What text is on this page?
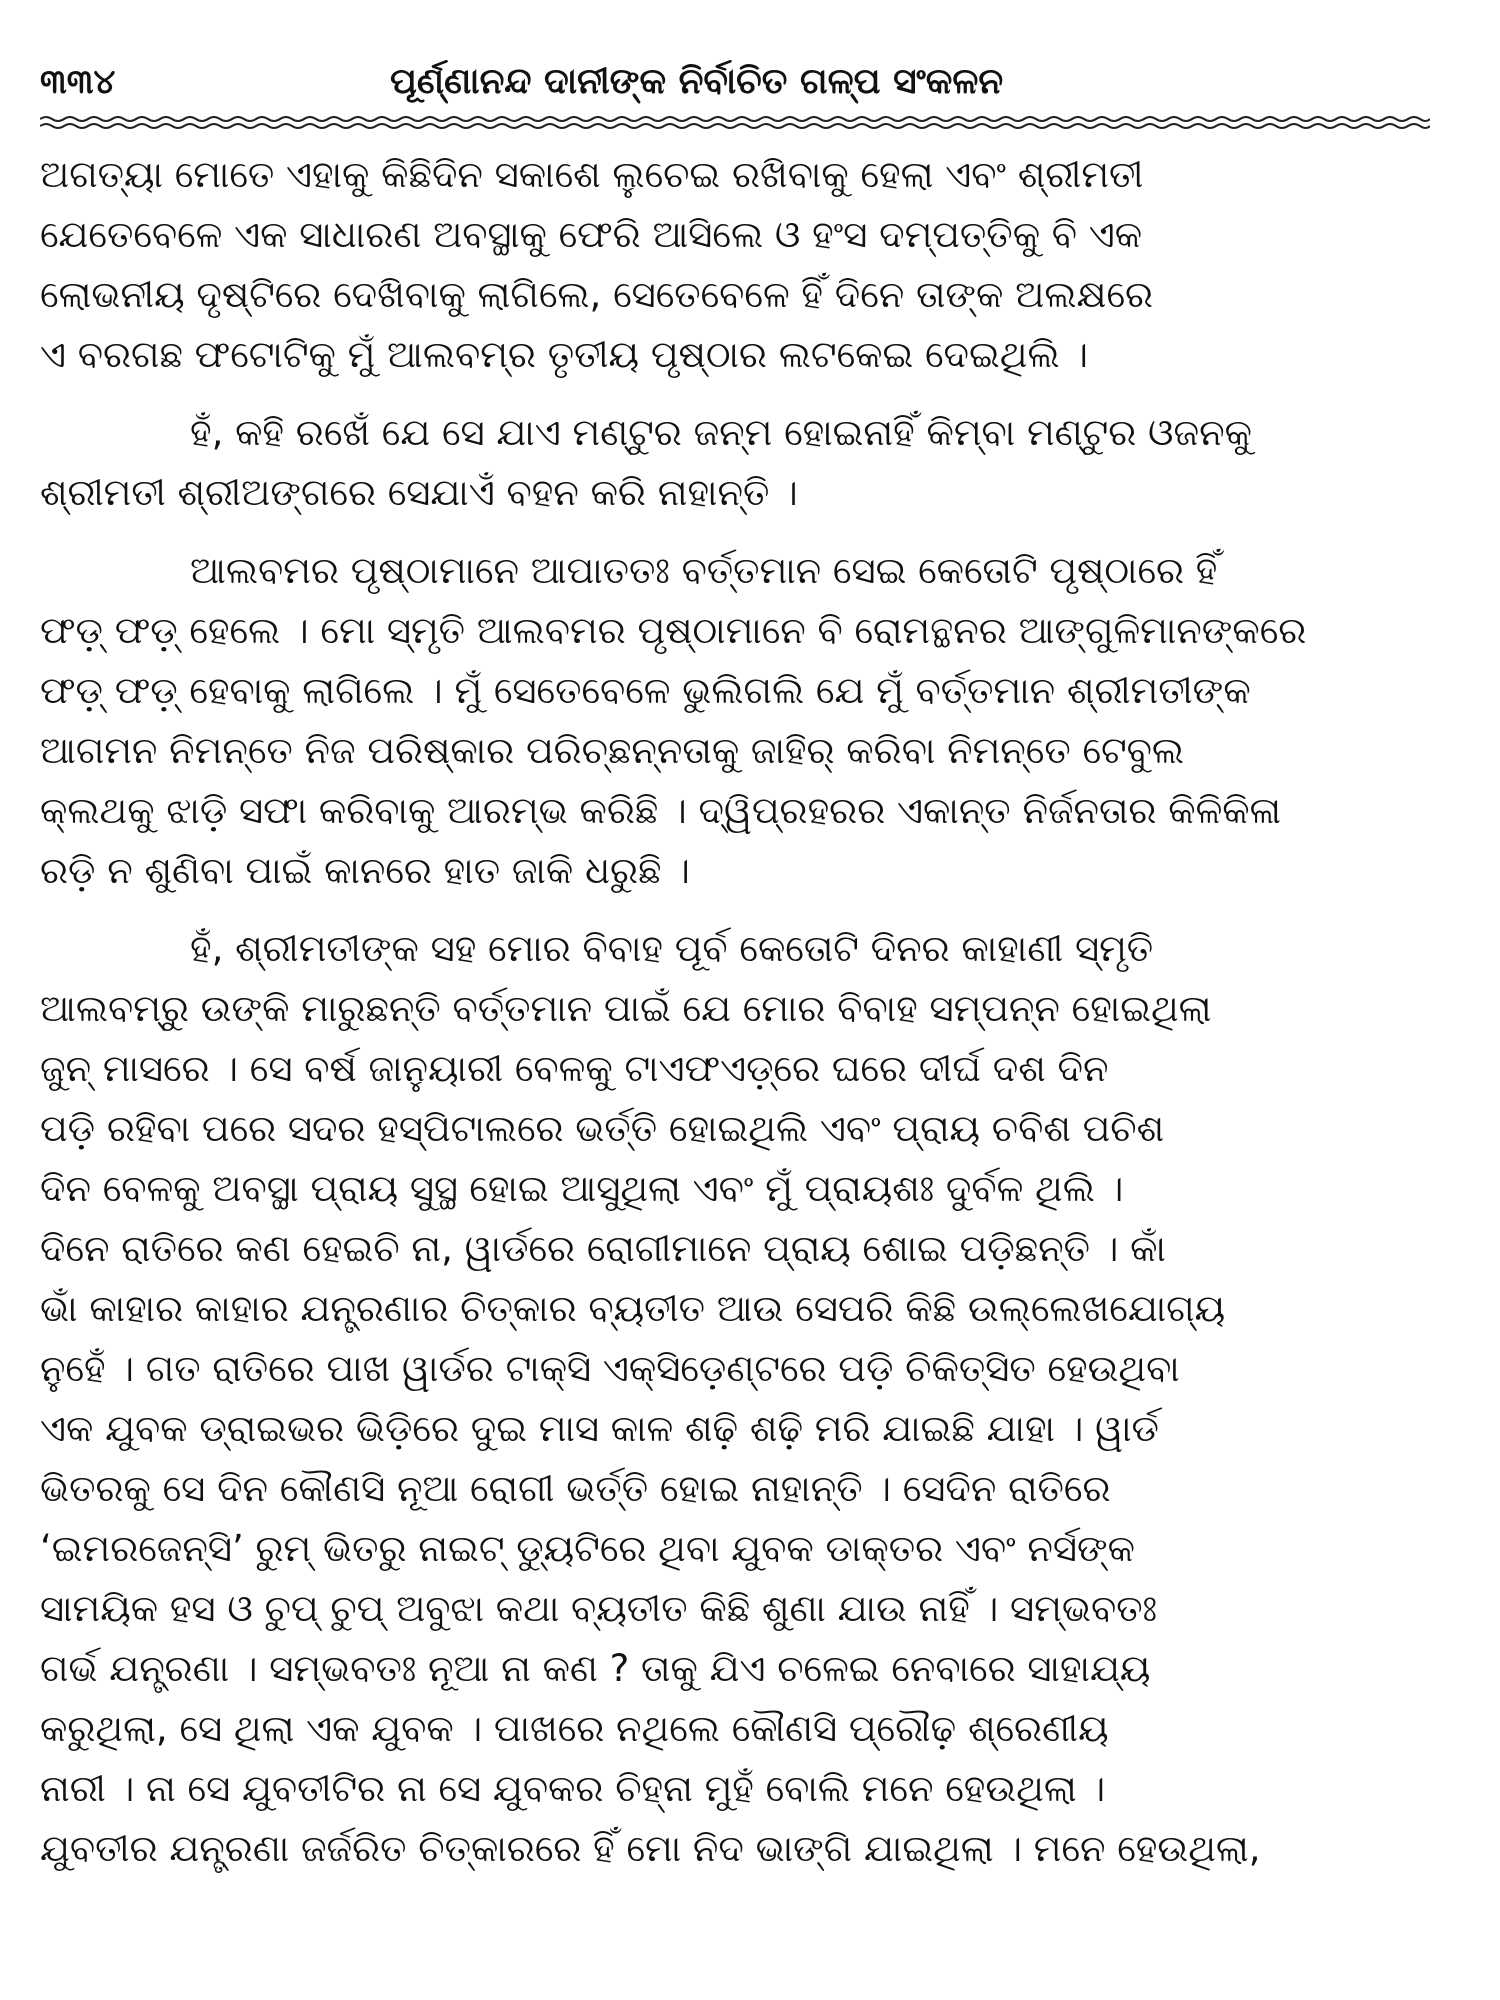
୩୩୪	ପୂର୍ଣ୍ଣାନନ୍ଦ ଦାନୀଙ୍କ ନିର୍ବାଚିତ ଗଳ୍ପ ସଂକଳନ
ଅଗତ୍ୟା ମୋତେ ଏହାକୁ କିଛିଦିନ ସକାଶେ ଲୁଚେଇ ରଖିବାକୁ ହେଲା ଏବଂ ଶ୍ରୀମତୀ
ଯେତେବେଳେ ଏକ ସାଧାରଣ ଅବସ୍ଥାକୁ ଫେରି ଆସିଲେ ଓ ହଂସ ଦମ୍ପତ୍ତିକୁ ବି ଏକ
ଲୋଭନୀୟ ଦୃଷ୍ଟିରେ ଦେଖିବାକୁ ଲାଗିଲେ, ସେତେବେଳେ ହିଁ ଦିନେ ତାଙ୍କ ଅଲକ୍ଷରେ
ଏ ବରଗଛ ଫଟୋଟିକୁ ମୁଁ ଆଲବମ୍‌ର ତୃତୀୟ ପୃଷ୍ଠାର ଲଟକେଇ ଦେଇଥିଲି ।
ହଁ, କହି ରଖେଁ ଯେ ସେ ଯାଏ ମଣ୍ଟୁର ଜନ୍ମ ହୋଇନାହିଁ କିମ୍ବା ମଣ୍ଟୁର ଓଜନକୁ
ଶ୍ରୀମତୀ ଶ୍ରୀଅଙ୍ଗରେ ସେଯାଏଁ ବହନ କରି ନାହାନ୍ତି ।
ଆଲବମର ପୃଷ୍ଠାମାନେ ଆପାତତଃ ବର୍ତ୍ତମାନ ସେଇ କେତୋଟି ପୃଷ୍ଠାରେ ହିଁ
ଫଡ଼୍ ଫଡ଼୍ ହେଲେ । ମୋ ସ୍ମୃତି ଆଲବମର ପୃଷ୍ଠାମାନେ ବି ରୋମନ୍ଥନର ଆଙ୍ଗୁଳିମାନଙ୍କରେ
ଫଡ଼୍ ଫଡ଼୍ ହେବାକୁ ଲାଗିଲେ । ମୁଁ ସେତେବେଳେ ଭୁଲିଗଲି ଯେ ମୁଁ ବର୍ତ୍ତମାନ ଶ୍ରୀମତୀଙ୍କ
ଆଗମନ ନିମନ୍ତେ ନିଜ ପରିଷ୍କାର ପରିଚ୍ଛନ୍ନତାକୁ ଜାହିର୍ କରିବା ନିମନ୍ତେ ଟେବୁଲ
କ୍ଲଥକୁ ଝାଡ଼ି ସଫା କରିବାକୁ ଆରମ୍ଭ କରିଛି । ଦ୍ୱିପ୍ରହରର ଏକାନ୍ତ ନିର୍ଜନତାର କିଳିକିଳା
ରଡ଼ି ନ ଶୁଣିବା ପାଇଁ କାନରେ ହାତ ଜାକି ଧରୁଛି ।
ହଁ, ଶ୍ରୀମତୀଙ୍କ ସହ ମୋର ବିବାହ ପୂର୍ବ କେତୋଟି ଦିନର କାହାଣୀ ସ୍ମୃତି
ଆଲବମ୍‌ରୁ ଉଙ୍କି ମାରୁଛନ୍ତି ବର୍ତ୍ତମାନ ପାଇଁ ଯେ ମୋର ବିବାହ ସମ୍ପନ୍ନ ହୋଇଥିଲା
ଜୁନ୍ ମାସରେ । ସେ ବର୍ଷ ଜାନୁୟାରୀ ବେଳକୁ ଟାଏଫଏଡ଼୍‌ରେ ଘରେ ଦୀର୍ଘ ଦଶ ଦିନ
ପଡ଼ି ରହିବା ପରେ ସଦର ହସ୍‌ପିଟାଲରେ ଭର୍ତ୍ତି ହୋଇଥିଲି ଏବଂ ପ୍ରାୟ ଚବିଶ ପଚିଶ
ଦିନ ବେଳକୁ ଅବସ୍ଥା ପ୍ରାୟ ସୁସ୍ଥ ହୋଇ ଆସୁଥିଲା ଏବଂ ମୁଁ ପ୍ରାୟଶଃ ଦୁର୍ବଳ ଥିଲି ।
ଦିନେ ରାତିରେ କଣ ହେଇଚି ନା, ୱାର୍ଡରେ ରୋଗୀମାନେ ପ୍ରାୟ ଶୋଇ ପଡ଼ିଛନ୍ତି । କାଁ
ଭାଁ କାହାର କାହାର ଯନ୍ତ୍ରଣାର ଚିତ୍କାର ବ୍ୟତୀତ ଆଉ ସେପରି କିଛି ଉଲ୍ଲେଖଯୋଗ୍ୟ
ନୁହେଁ । ଗତ ରାତିରେ ପାଖ ୱାର୍ଡର ଟାକ୍‌ସି ଏକ୍‌ସିଡ଼େଣ୍ଟରେ ପଡ଼ି ଚିକିତ୍ସିତ ହେଉଥିବା
ଏକ ଯୁବକ ଡ୍ରାଇଭର ଭିଡ଼ିରେ ଦୁଇ ମାସ କାଳ ଶଢ଼ି ଶଢ଼ି ମରି ଯାଇଛି ଯାହା । ୱାର୍ଡ
ଭିତରକୁ ସେ ଦିନ କୌଣସି ନୂଆ ରୋଗୀ ଭର୍ତ୍ତି ହୋଇ ନାହାନ୍ତି । ସେଦିନ ରାତିରେ
‘ଇମରଜେନ୍‌ସି’ ରୁମ୍ ଭିତରୁ ନାଇଟ୍ ଡ୍ୟୁଟିରେ ଥିବା ଯୁବକ ଡାକ୍ତର ଏବଂ ନର୍ସଙ୍କ
ସାମୟିକ ହସ ଓ ଚୁପ୍ ଚୁପ୍ ଅବୁଝା କଥା ବ୍ୟତୀତ କିଛି ଶୁଣା ଯାଉ ନାହିଁ । ସମ୍ଭବତଃ
ଗର୍ଭ ଯନ୍ତ୍ରଣା । ସମ୍ଭବତଃ ନୂଆ ନା କଣ ? ତାକୁ ଯିଏ ଚଳେଇ ନେବାରେ ସାହାଯ୍ୟ
କରୁଥିଲା, ସେ ଥିଲା ଏକ ଯୁବକ । ପାଖରେ ନଥିଲେ କୌଣସି ପ୍ରୌଢ଼ ଶ୍ରେଣୀୟ
ନାରୀ । ନା ସେ ଯୁବତୀଟିର ନା ସେ ଯୁବକର ଚିହ୍ନା ମୁହଁ ବୋଲି ମନେ ହେଉଥିଲା ।
ଯୁବତୀର ଯନ୍ତ୍ରଣା ଜର୍ଜରିତ ଚିତ୍କାରରେ ହିଁ ମୋ ନିଦ ଭାଙ୍ଗି ଯାଇଥିଲା । ମନେ ହେଉଥିଲା,
